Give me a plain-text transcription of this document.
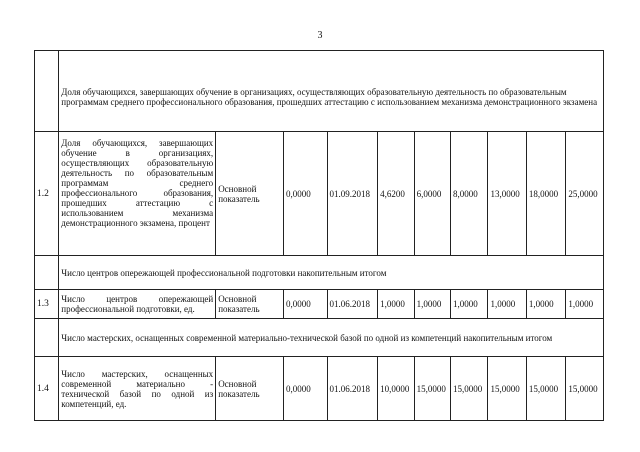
3
	Доля обучающихся, завершающих обучение в организациях, осуществляющих образовательную деятельность по образовательным программам среднего профессионального образования, прошедших аттестацию с использованием механизма демонстрационного экзамена									
1.2	Доля обучающихся, завершающих обучение в организациях, осуществляющих образовательную деятельность по образовательным программам среднего профессионального образования, прошедших аттестацию с использованием механизма демонстрационного экзамена, процент	Основной показатель	0,0000	01.09.2018	4,6200	6,0000	8,0000	13,0000	18,0000	25,0000
	Число центров опережающей профессиональной подготовки накопительным итогом									
1.3	Число центров опережающей профессиональной подготовки, ед.	Основной показатель	0,0000	01.06.2018	1,0000	1,0000	1,0000	1,0000	1,0000	1,0000
	Число мастерских, оснащенных современной материально-технической базой по одной из компетенций накопительным итогом									
1.4	Число мастерских, оснащенных современной материально - технической базой по одной из компетенций, ед.	Основной показатель	0,0000	01.06.2018	10,0000	15,0000	15,0000	15,0000	15,0000	15,0000
